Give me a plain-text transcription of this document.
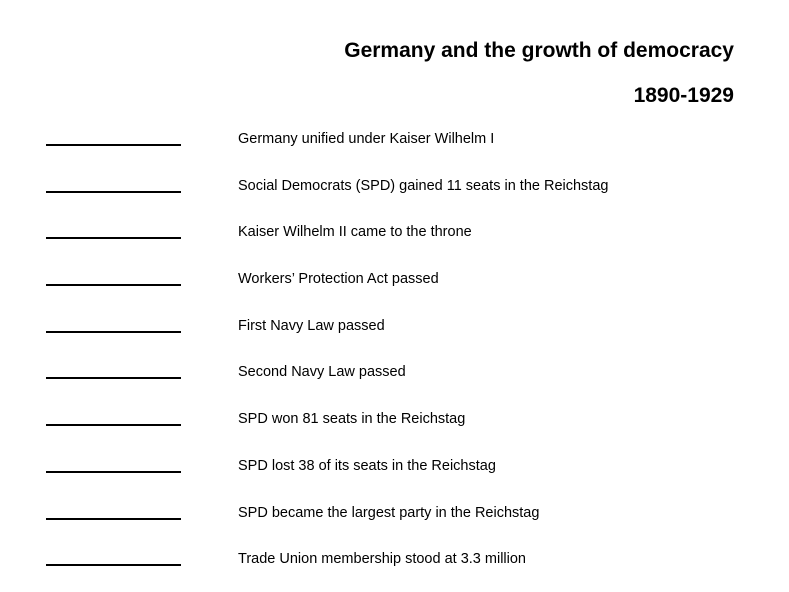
Germany and the growth of democracy
1890-1929
Germany unified under Kaiser Wilhelm I
Social Democrats (SPD) gained 11 seats in the Reichstag
Kaiser Wilhelm II came to the throne
Workers’ Protection Act passed
First Navy Law passed
Second Navy Law passed
SPD won 81 seats in the Reichstag
SPD lost 38 of its seats in the Reichstag
SPD became the largest party in the Reichstag
Trade Union membership stood at 3.3 million
